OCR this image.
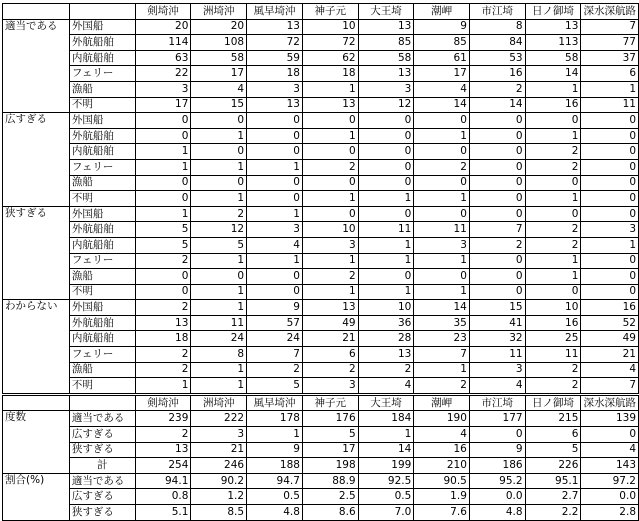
		剣埼沖	洲埼沖	風早埼沖	神子元	大王埼	潮岬	市江埼	日ノ御埼	深水深航路
適当である	外国船	20	20	13	10	13	9	8	13	7
	外航船舶	114	108	72	72	85	85	84	113	77
	内航船舶	63	58	59	62	58	61	53	58	37
	フェリー	22	17	18	18	13	17	16	14	6
	漁船	3	4	3	1	3	4	2	1	1
	不明	17	15	13	13	12	14	14	16	11
広すぎる	外国船	0	0	0	0	0	0	0	0	0
	外航船舶	0	1	0	1	0	1	0	1	0
	内航船舶	1	0	0	0	0	0	0	2	0
	フェリー	1	1	1	2	0	2	0	2	0
	漁船	0	0	0	0	0	0	0	0	0
	不明	0	1	0	1	1	1	0	1	0
狭すぎる	外国船	1	2	1	0	0	0	0	0	0
	外航船舶	5	12	3	10	11	11	7	2	3
	内航船舶	5	5	4	3	1	3	2	2	1
	フェリー	2	1	1	1	1	1	0	1	0
	漁船	0	0	0	2	0	0	0	1	0
	不明	0	1	0	1	1	1	0	0	0
わからない	外国船	2	1	9	13	10	14	15	10	16
	外航船舶	13	11	57	49	36	35	41	16	52
	内航船舶	18	24	24	21	28	23	32	25	49
	フェリー	2	8	7	6	13	7	11	11	21
	漁船	2	1	2	2	2	1	3	2	4
	不明	1	1	5	3	4	2	4	2	7
		剣埼沖	洲埼沖	風早埼沖	神子元	大王埼	潮岬	市江埼	日ノ御埼	深水深航路
度数	適当である	239	222	178	176	184	190	177	215	139
	広すぎる	2	3	1	5	1	4	0	6	0
	狭すぎる	13	21	9	17	14	16	9	5	4
	計	254	246	188	198	199	210	186	226	143
割合(%)	適当である	94.1	90.2	94.7	88.9	92.5	90.5	95.2	95.1	97.2
	広すぎる	0.8	1.2	0.5	2.5	0.5	1.9	0.0	2.7	0.0
	狭すぎる	5.1	8.5	4.8	8.6	7.0	7.6	4.8	2.2	2.8
